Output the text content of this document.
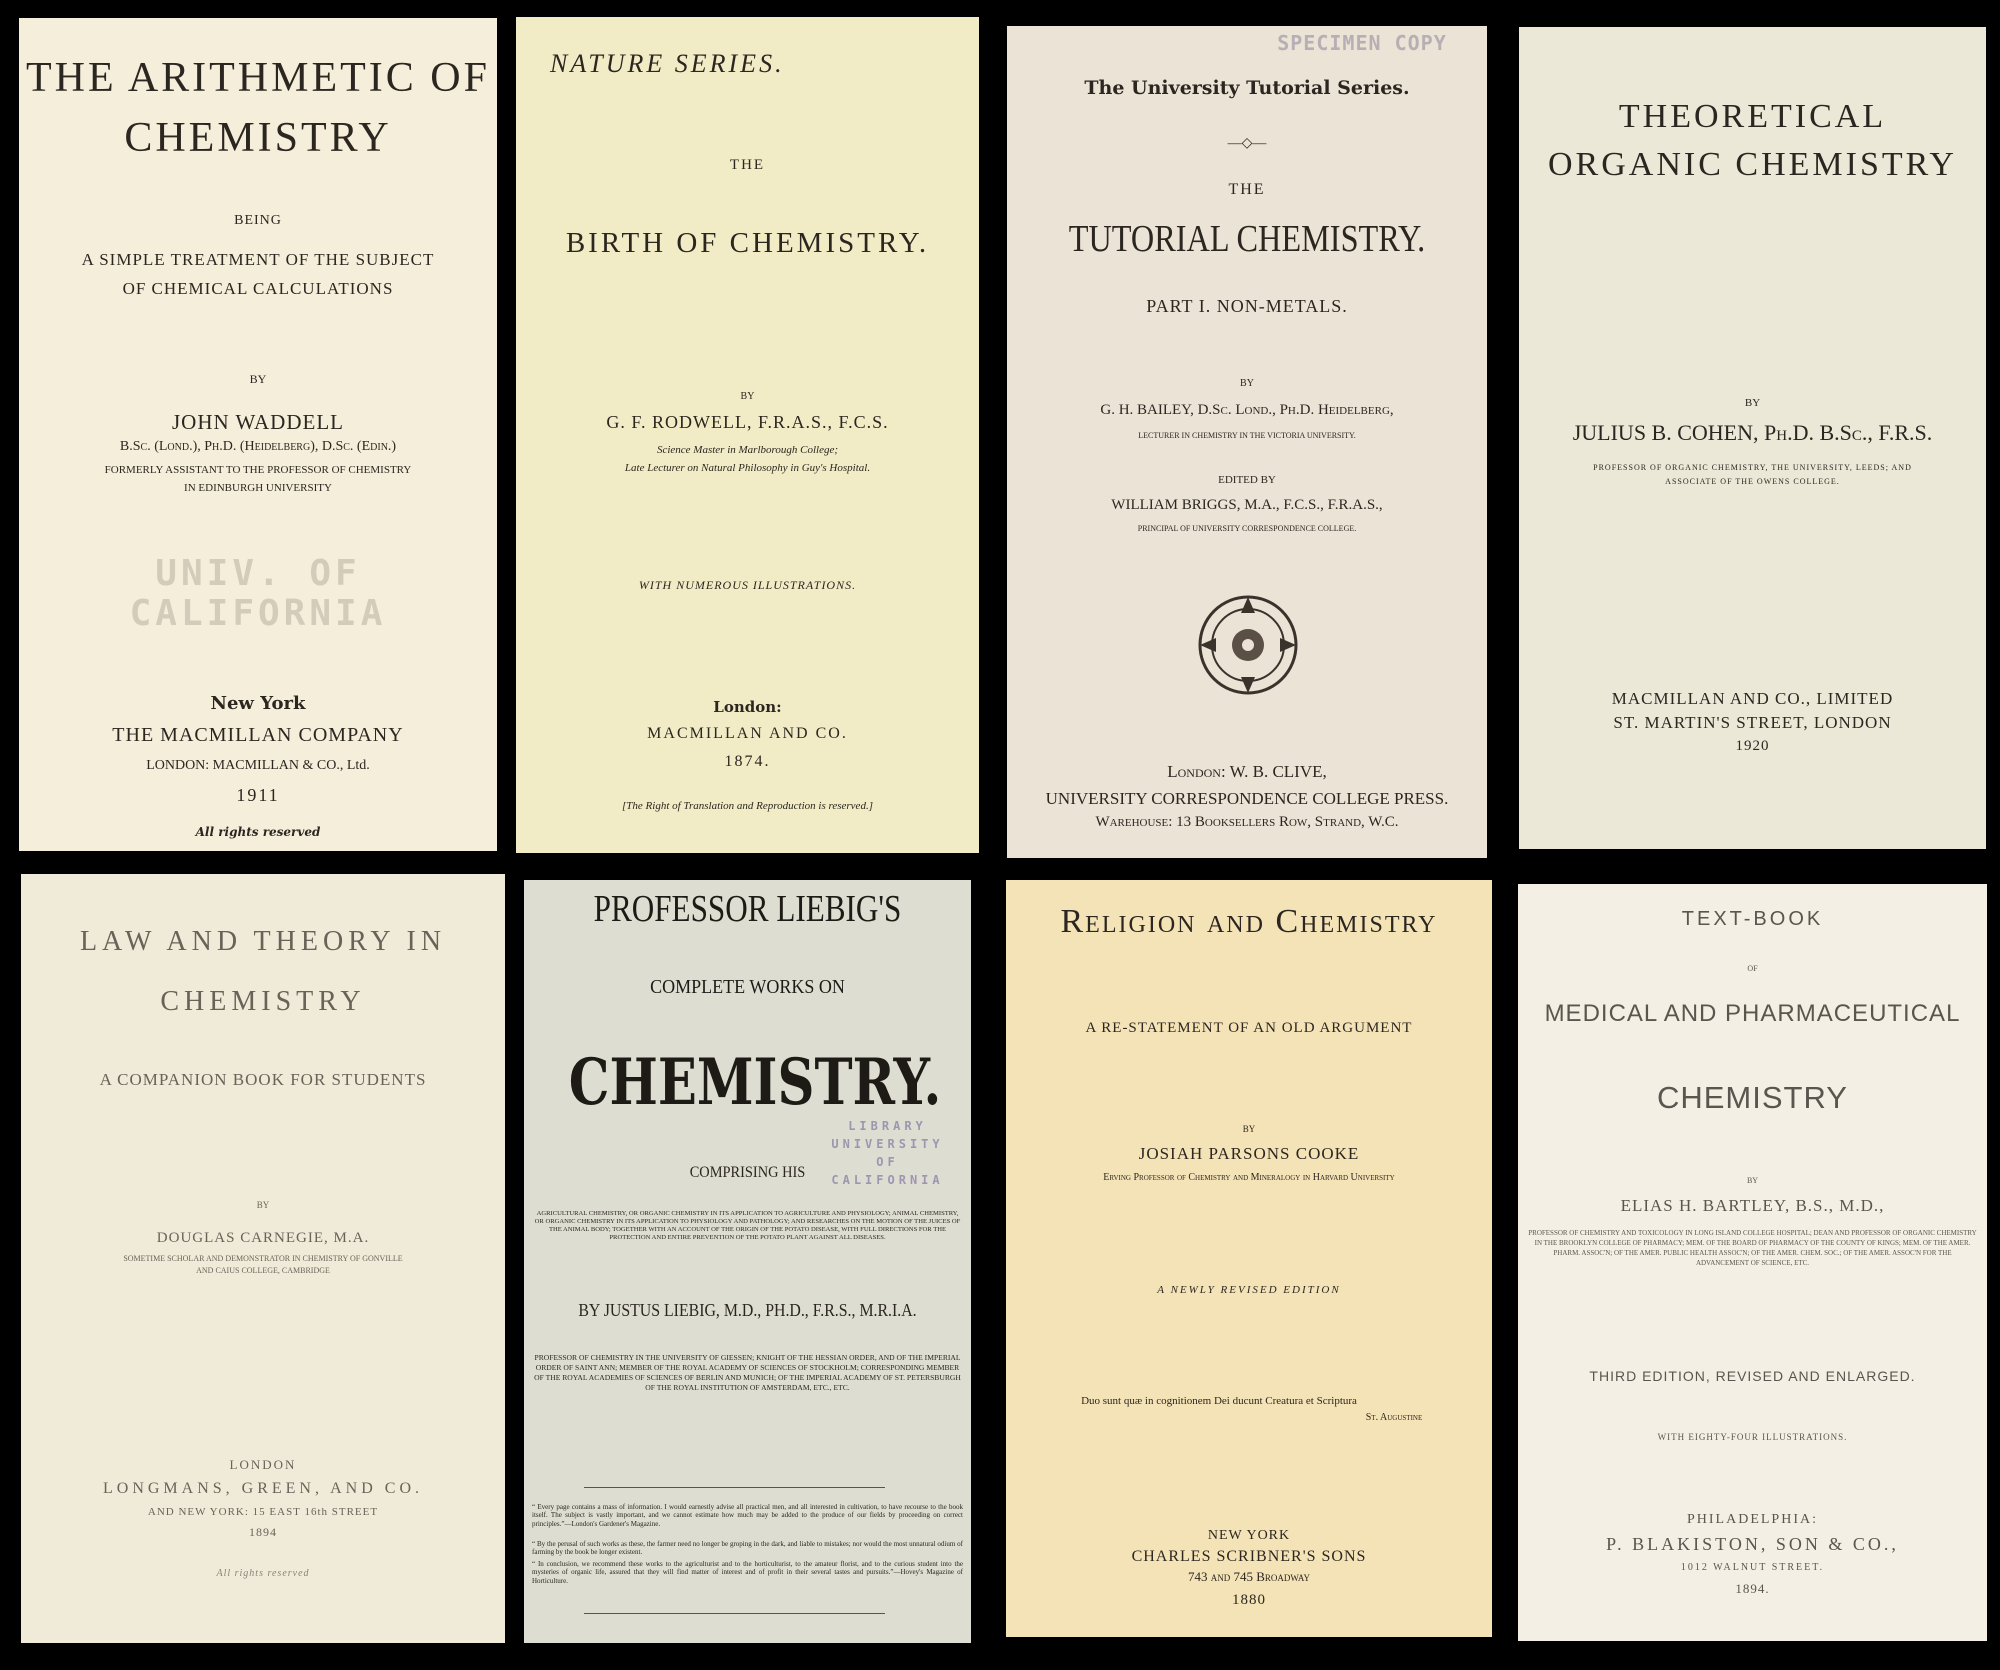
THE ARITHMETIC OF
CHEMISTRY
BEING
A SIMPLE TREATMENT OF THE SUBJECT
OF CHEMICAL CALCULATIONS
BY
JOHN WADDELL
B.Sc. (Lond.), Ph.D. (Heidelberg), D.Sc. (Edin.)
FORMERLY ASSISTANT TO THE PROFESSOR OF CHEMISTRY
IN EDINBURGH UNIVERSITY
UNIV. OF
CALIFORNIA
New York
THE MACMILLAN COMPANY
LONDON: MACMILLAN & CO., Ltd.
1911
All rights reserved
NATURE SERIES.
THE
BIRTH OF CHEMISTRY.
BY
G. F. RODWELL, F.R.A.S., F.C.S.
Science Master in Marlborough College;
Late Lecturer on Natural Philosophy in Guy's Hospital.
WITH NUMEROUS ILLUSTRATIONS.
London:
MACMILLAN AND CO.
1874.
[The Right of Translation and Reproduction is reserved.]
SPECIMEN COPY
The University Tutorial Series.
―◇―
THE
TUTORIAL CHEMISTRY.
PART I. NON-METALS.
BY
G. H. BAILEY, D.Sc. Lond., Ph.D. Heidelberg,
LECTURER IN CHEMISTRY IN THE VICTORIA UNIVERSITY.
EDITED BY
WILLIAM BRIGGS, M.A., F.C.S., F.R.A.S.,
PRINCIPAL OF UNIVERSITY CORRESPONDENCE COLLEGE.
London: W. B. CLIVE,
UNIVERSITY CORRESPONDENCE COLLEGE PRESS.
Warehouse: 13 Booksellers Row, Strand, W.C.
THEORETICAL
ORGANIC CHEMISTRY
BY
JULIUS B. COHEN, Ph.D. B.Sc., F.R.S.
PROFESSOR OF ORGANIC CHEMISTRY, THE UNIVERSITY, LEEDS; AND
ASSOCIATE OF THE OWENS COLLEGE.
MACMILLAN AND CO., LIMITED
ST. MARTIN'S STREET, LONDON
1920
LAW AND THEORY IN
CHEMISTRY
A COMPANION BOOK FOR STUDENTS
BY
DOUGLAS CARNEGIE, M.A.
SOMETIME SCHOLAR AND DEMONSTRATOR IN CHEMISTRY OF GONVILLE
AND CAIUS COLLEGE, CAMBRIDGE
LONDON
LONGMANS, GREEN, AND CO.
AND NEW YORK: 15 EAST 16th STREET
1894
All rights reserved
PROFESSOR LIEBIG'S
COMPLETE WORKS ON
CHEMISTRY.
LIBRARY
UNIVERSITY
OF
CALIFORNIA
COMPRISING HIS
AGRICULTURAL CHEMISTRY, OR ORGANIC CHEMISTRY IN ITS APPLICATION TO AGRICULTURE AND PHYSIOLOGY; ANIMAL CHEMISTRY, OR ORGANIC CHEMISTRY IN ITS APPLICATION TO PHYSIOLOGY AND PATHOLOGY; AND RESEARCHES ON THE MOTION OF THE JUICES OF THE ANIMAL BODY; TOGETHER WITH AN ACCOUNT OF THE ORIGIN OF THE POTATO DISEASE, WITH FULL DIRECTIONS FOR THE PROTECTION AND ENTIRE PREVENTION OF THE POTATO PLANT AGAINST ALL DISEASES.
BY JUSTUS LIEBIG, M.D., PH.D., F.R.S., M.R.I.A.
PROFESSOR OF CHEMISTRY IN THE UNIVERSITY OF GIESSEN; KNIGHT OF THE HESSIAN ORDER, AND OF THE IMPERIAL ORDER OF SAINT ANN; MEMBER OF THE ROYAL ACADEMY OF SCIENCES OF STOCKHOLM; CORRESPONDING MEMBER OF THE ROYAL ACADEMIES OF SCIENCES OF BERLIN AND MUNICH; OF THE IMPERIAL ACADEMY OF ST. PETERSBURGH OF THE ROYAL INSTITUTION OF AMSTERDAM, ETC., ETC.
“ Every page contains a mass of information. I would earnestly advise all practical men, and all interested in cultivation, to have recourse to the book itself. The subject is vastly important, and we cannot estimate how much may be added to the produce of our fields by proceeding on correct principles.”—London's Gardener's Magazine.
“ By the perusal of such works as these, the farmer need no longer be groping in the dark, and liable to mistakes; nor would the most unnatural odium of farming by the book be longer existent.
“ In conclusion, we recommend these works to the agriculturist and to the horticulturist, to the amateur florist, and to the curious student into the mysteries of organic life, assured that they will find matter of interest and of profit in their several tastes and pursuits.”—Hovey's Magazine of Horticulture.
Religion and Chemistry
A RE-STATEMENT OF AN OLD ARGUMENT
BY
JOSIAH PARSONS COOKE
Erving Professor of Chemistry and Mineralogy in Harvard University
A NEWLY REVISED EDITION
Duo sunt quæ in cognitionem Dei ducunt Creatura et Scriptura
St. Augustine
NEW YORK
CHARLES SCRIBNER'S SONS
743 and 745 Broadway
1880
TEXT-BOOK
OF
MEDICAL AND PHARMACEUTICAL
CHEMISTRY
BY
ELIAS H. BARTLEY, B.S., M.D.,
PROFESSOR OF CHEMISTRY AND TOXICOLOGY IN LONG ISLAND COLLEGE HOSPITAL; DEAN AND PROFESSOR OF ORGANIC CHEMISTRY IN THE BROOKLYN COLLEGE OF PHARMACY; MEM. OF THE BOARD OF PHARMACY OF THE COUNTY OF KINGS; MEM. OF THE AMER. PHARM. ASSOC'N; OF THE AMER. PUBLIC HEALTH ASSOC'N; OF THE AMER. CHEM. SOC.; OF THE AMER. ASSOC'N FOR THE ADVANCEMENT OF SCIENCE, ETC.
THIRD EDITION, REVISED AND ENLARGED.
WITH EIGHTY-FOUR ILLUSTRATIONS.
PHILADELPHIA:
P. BLAKISTON, SON & CO.,
1012 WALNUT STREET.
1894.
